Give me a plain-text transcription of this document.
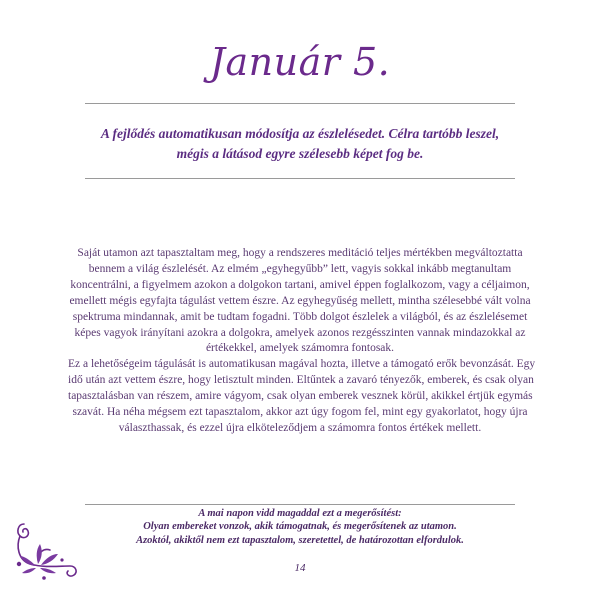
Január 5.
A fejlődés automatikusan módosítja az észlelésedet. Célra tartóbb leszel,
mégis a látásod egyre szélesebb képet fog be.
Saját utamon azt tapasztaltam meg, hogy a rendszeres meditáció teljes mértékben megváltoztatta
bennem a világ észlelését. Az elmém „egyhegyűbb” lett, vagyis sokkal inkább megtanultam
koncentrálni, a figyelmem azokon a dolgokon tartani, amivel éppen foglalkozom, vagy a céljaimon,
emellett mégis egyfajta tágulást vettem észre. Az egyhegyűség mellett, mintha szélesebbé vált volna
spektruma mindannak, amit be tudtam fogadni. Több dolgot észlelek a világból, és az észlelésemet
képes vagyok irányítani azokra a dolgokra, amelyek azonos rezgésszinten vannak mindazokkal az
értékekkel, amelyek számomra fontosak.
Ez a lehetőségeim tágulását is automatikusan magával hozta, illetve a támogató erők bevonzását. Egy
idő után azt vettem észre, hogy letisztult minden. Eltűntek a zavaró tényezők, emberek, és csak olyan
tapasztalásban van részem, amire vágyom, csak olyan emberek vesznek körül, akikkel értjük egymás
szavát. Ha néha mégsem ezt tapasztalom, akkor azt úgy fogom fel, mint egy gyakorlatot, hogy újra
választhassak, és ezzel újra elköteleződjem a számomra fontos értékek mellett.
A mai napon vidd magaddal ezt a megerősítést:
Olyan embereket vonzok, akik támogatnak, és megerősítenek az utamon.
Azoktól, akiktől nem ezt tapasztalom, szeretettel, de határozottan elfordulok.
14
